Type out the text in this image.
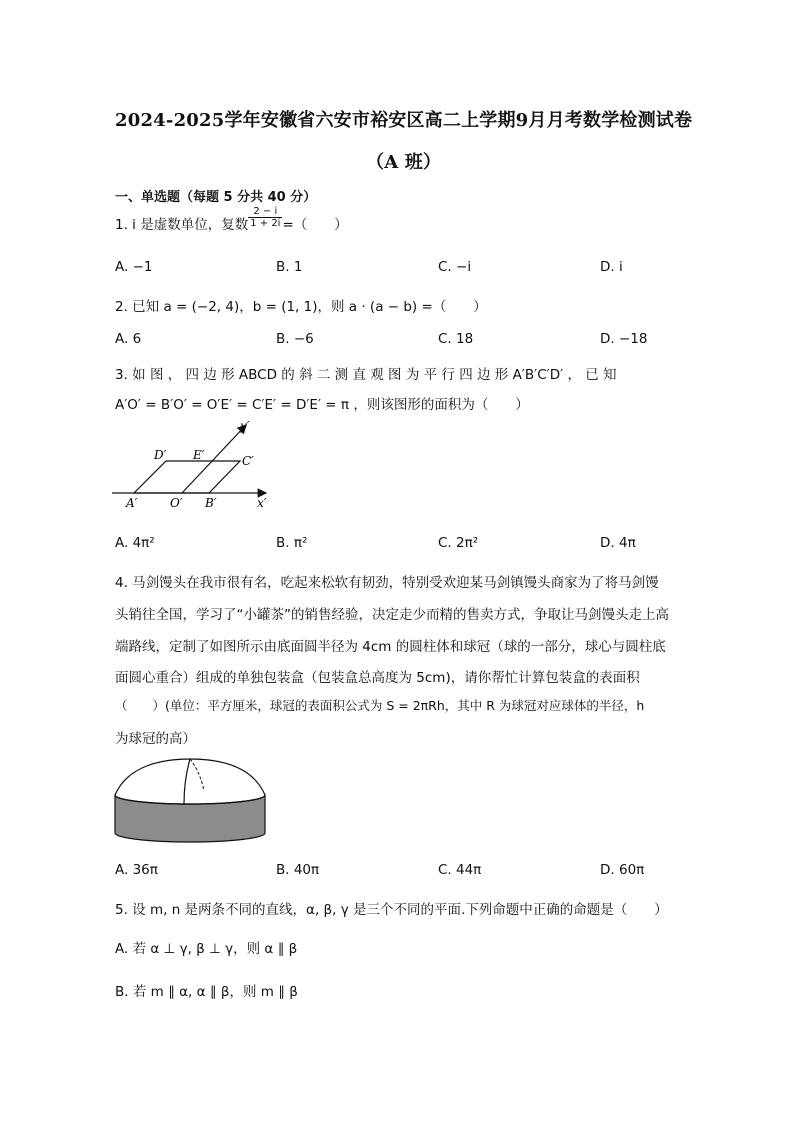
2024-2025学年安徽省六安市裕安区高二上学期9月月考数学检测试卷
（A 班）
一、单选题（每题 5 分共 40 分）
1. i 是虚数单位，复数 $\frac{2 - i}{1 + 2i}$ =（　　）
A. −1	B. 1	C. −i	D. i
2. 已知 a = (−2, 4)，b = (1, 1)，则 a · (a − b) =（　　）
A. 6	B. −6	C. 18	D. −18
3. 如 图 ， 四 边 形 ABCD 的 斜 二 测 直 观 图 为 平 行 四 边 形 A′B′C′D′ ， 已 知
A′O′ = B′O′ = O′E′ = C′E′ = D′E′ = π ，则该图形的面积为（　　）
y′
x′
A′	O′ B′
C′
D′ E′
A. 4π²	B. π²	C. 2π²	D. 4π
4. 马剑馒头在我市很有名，吃起来松软有韧劲，特别受欢迎某马剑镇馒头商家为了将马剑馒
头销往全国，学习了“小罐茶”的销售经验，决定走少而精的售卖方式，争取让马剑馒头走上高
端路线，定制了如图所示由底面圆半径为 4cm 的圆柱体和球冠（球的一部分，球心与圆柱底
面圆心重合）组成的单独包装盒（包装盒总高度为 5cm)，请你帮忙计算包装盒的表面积
（　　）(单位：平方厘米，球冠的表面积公式为 S = 2πRh，其中 R 为球冠对应球体的半径，h
为球冠的高）
A. 36π	B. 40π	C. 44π	D. 60π
5. 设 m, n 是两条不同的直线，α, β, γ 是三个不同的平面.下列命题中正确的命题是（　　）
A. 若 α ⊥ γ, β ⊥ γ，则 α ∥ β
B. 若 m ∥ α, α ∥ β，则 m ∥ β
